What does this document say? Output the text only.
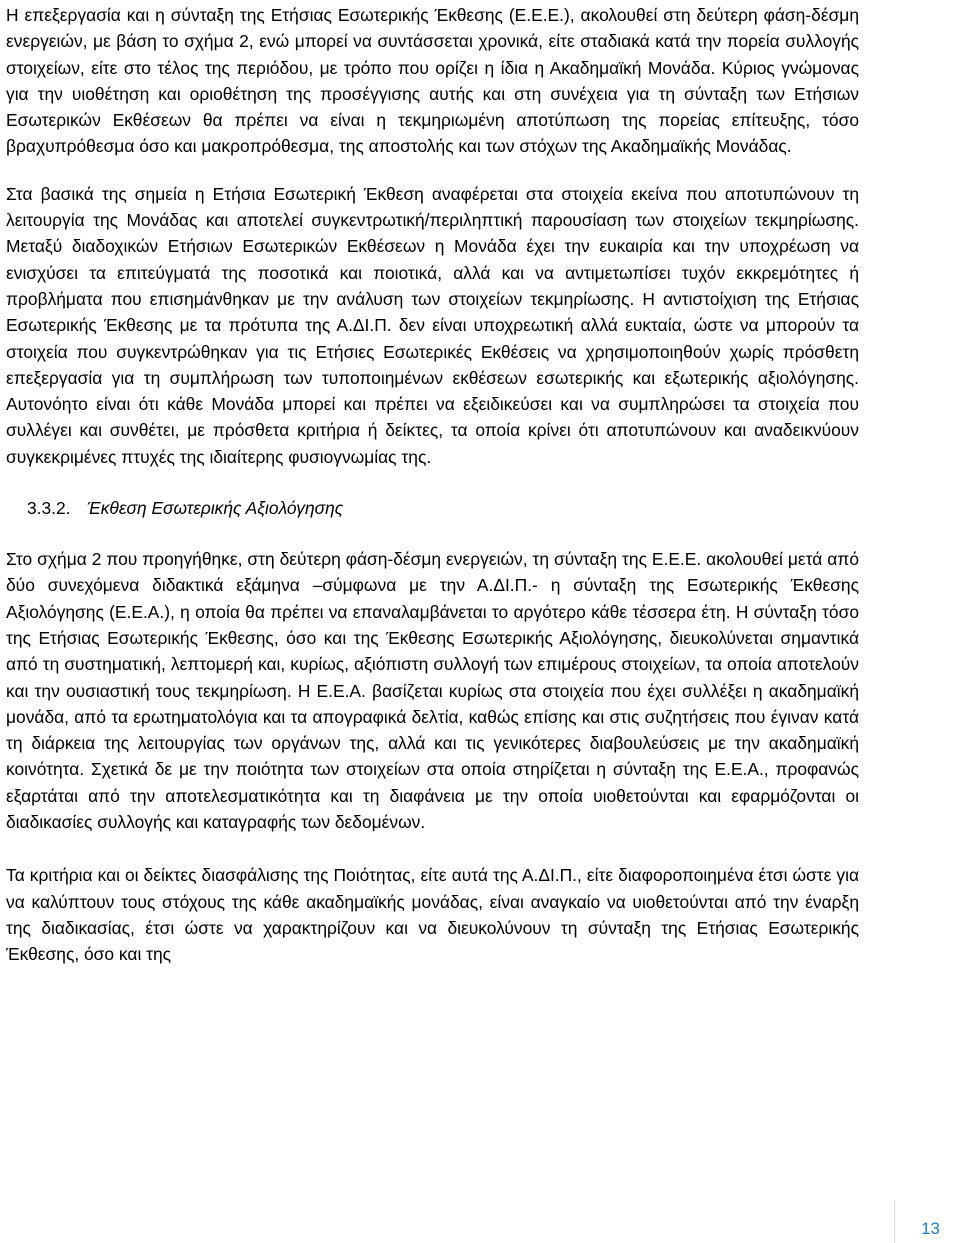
Η επεξεργασία και η σύνταξη της Ετήσιας Εσωτερικής Έκθεσης (Ε.Ε.Ε.), ακολουθεί στη δεύτερη φάση-δέσμη ενεργειών, με βάση το σχήμα 2, ενώ μπορεί να συντάσσεται χρονικά, είτε σταδιακά κατά την πορεία συλλογής στοιχείων, είτε στο τέλος της περιόδου, με τρόπο που ορίζει η ίδια η Ακαδημαϊκή Μονάδα. Κύριος γνώμονας για την υιοθέτηση και οριοθέτηση της προσέγγισης αυτής και στη συνέχεια για τη σύνταξη των Ετήσιων Εσωτερικών Εκθέσεων θα πρέπει να είναι η τεκμηριωμένη αποτύπωση της πορείας επίτευξης, τόσο βραχυπρόθεσμα όσο και μακροπρόθεσμα, της αποστολής και των στόχων της Ακαδημαϊκής Μονάδας.

Στα βασικά της σημεία η Ετήσια Εσωτερική Έκθεση αναφέρεται στα στοιχεία εκείνα που αποτυπώνουν τη λειτουργία της Μονάδας και αποτελεί συγκεντρωτική/περιληπτική παρουσίαση των στοιχείων τεκμηρίωσης. Μεταξύ διαδοχικών Ετήσιων Εσωτερικών Εκθέσεων η Μονάδα έχει την ευκαιρία και την υποχρέωση να ενισχύσει τα επιτεύγματά της ποσοτικά και ποιοτικά, αλλά και να αντιμετωπίσει τυχόν εκκρεμότητες ή προβλήματα που επισημάνθηκαν με την ανάλυση των στοιχείων τεκμηρίωσης. Η αντιστοίχιση της Ετήσιας Εσωτερικής Έκθεσης με τα πρότυπα της Α.ΔΙ.Π. δεν είναι υποχρεωτική αλλά ευκταία, ώστε να μπορούν τα στοιχεία που συγκεντρώθηκαν για τις Ετήσιες Εσωτερικές Εκθέσεις να χρησιμοποιηθούν χωρίς πρόσθετη επεξεργασία για τη συμπλήρωση των τυποποιημένων εκθέσεων εσωτερικής και εξωτερικής αξιολόγησης. Αυτονόητο είναι ότι κάθε Μονάδα μπορεί και πρέπει να εξειδικεύσει και να συμπληρώσει τα στοιχεία που συλλέγει και συνθέτει, με πρόσθετα κριτήρια ή δείκτες, τα οποία κρίνει ότι αποτυπώνουν και αναδεικνύουν συγκεκριμένες πτυχές της ιδιαίτερης φυσιογνωμίας της.

3.3.2. Έκθεση Εσωτερικής Αξιολόγησης

Στο σχήμα 2 που προηγήθηκε, στη δεύτερη φάση-δέσμη ενεργειών, τη σύνταξη της Ε.Ε.Ε. ακολουθεί μετά από δύο συνεχόμενα διδακτικά εξάμηνα –σύμφωνα με την Α.ΔΙ.Π.- η σύνταξη της Εσωτερικής Έκθεσης Αξιολόγησης (Ε.Ε.Α.), η οποία θα πρέπει να επαναλαμβάνεται το αργότερο κάθε τέσσερα έτη. Η σύνταξη τόσο της Ετήσιας Εσωτερικής Έκθεσης, όσο και της Έκθεσης Εσωτερικής Αξιολόγησης, διευκολύνεται σημαντικά από τη συστηματική, λεπτομερή και, κυρίως, αξιόπιστη συλλογή των επιμέρους στοιχείων, τα οποία αποτελούν και την ουσιαστική τους τεκμηρίωση. Η Ε.Ε.Α. βασίζεται κυρίως στα στοιχεία που έχει συλλέξει η ακαδημαϊκή μονάδα, από τα ερωτηματολόγια και τα απογραφικά δελτία, καθώς επίσης και στις συζητήσεις που έγιναν κατά τη διάρκεια της λειτουργίας των οργάνων της, αλλά και τις γενικότερες διαβουλεύσεις με την ακαδημαϊκή κοινότητα. Σχετικά δε με την ποιότητα των στοιχείων στα οποία στηρίζεται η σύνταξη της Ε.Ε.Α., προφανώς εξαρτάται από την αποτελεσματικότητα και τη διαφάνεια με την οποία υιοθετούνται και εφαρμόζονται οι διαδικασίες συλλογής και καταγραφής των δεδομένων.

Τα κριτήρια και οι δείκτες διασφάλισης της Ποιότητας, είτε αυτά της Α.ΔΙ.Π., είτε διαφοροποιημένα έτσι ώστε για να καλύπτουν τους στόχους της κάθε ακαδημαϊκής μονάδας, είναι αναγκαίο να υιοθετούνται από την έναρξη της διαδικασίας, έτσι ώστε να χαρακτηρίζουν και να διευκολύνουν τη σύνταξη της Ετήσιας Εσωτερικής Έκθεσης, όσο και της

13
